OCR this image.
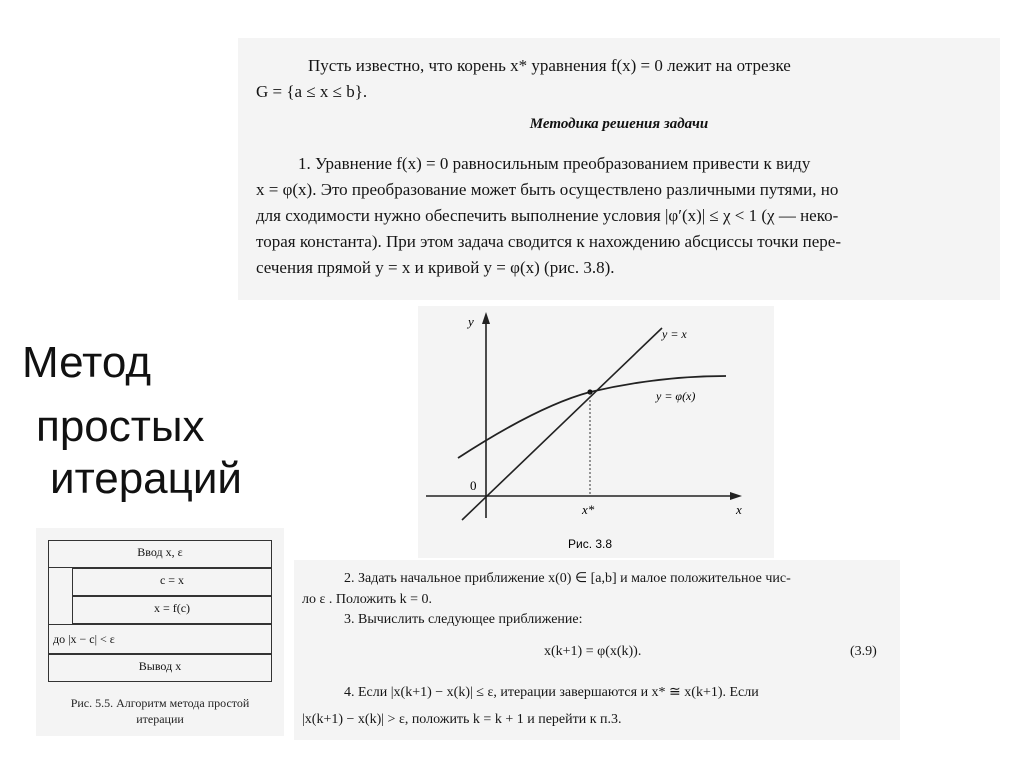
Пусть известно, что корень x* уравнения f(x) = 0 лежит на отрезке
G = {a ≤ x ≤ b}.
Методика решения задачи
1. Уравнение f(x) = 0 равносильным преобразованием привести к виду
x = φ(x). Это преобразование может быть осуществлено различными путями, но
для сходимости нужно обеспечить выполнение условия |φ′(x)| ≤ χ < 1 (χ — неко-
торая константа). При этом задача сводится к нахождению абсциссы точки пере-
сечения прямой y = x и кривой y = φ(x) (рис. 3.8).
Метод
простых
итераций
y
x
0
y = x
y = φ(x)
x*
Рис. 3.8
Ввод x, ε
c = x
x = f(c)
до |x − c| < ε
Вывод x
Рис. 5.5. Алгоритм метода простой
итерации
2. Задать начальное приближение x(0) ∈ [a,b] и малое положительное чис-
ло ε . Положить k = 0.
3. Вычислить следующее приближение:
x(k+1) = φ(x(k)).	(3.9)
4. Если |x(k+1) − x(k)| ≤ ε, итерации завершаются и x* ≅ x(k+1). Если
|x(k+1) − x(k)| > ε, положить k = k + 1 и перейти к п.3.
